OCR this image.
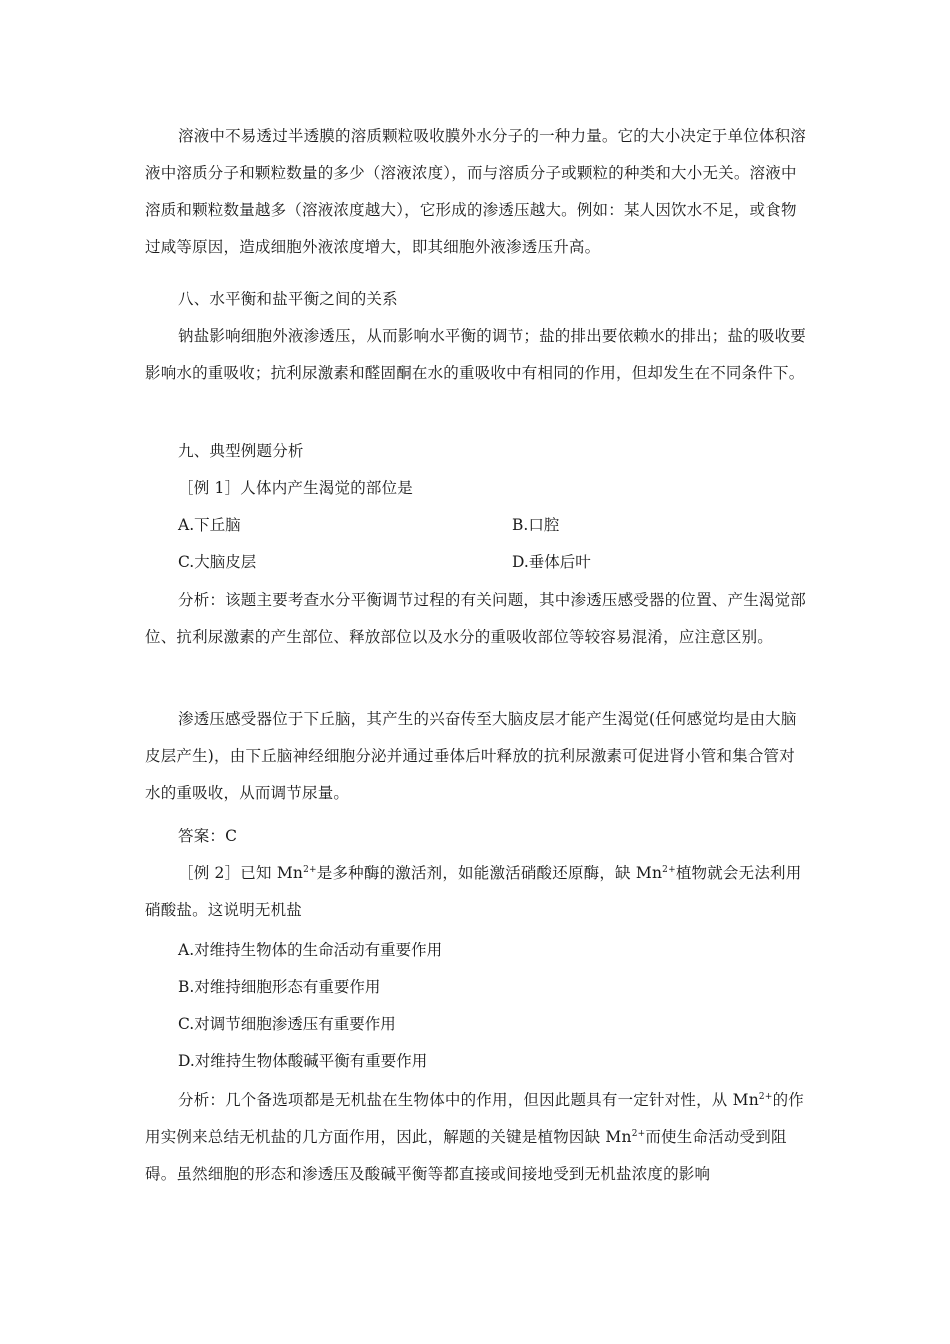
溶液中不易透过半透膜的溶质颗粒吸收膜外水分子的一种力量。它的大小决定于单位体积溶液中溶质分子和颗粒数量的多少（溶液浓度），而与溶质分子或颗粒的种类和大小无关。溶液中溶质和颗粒数量越多（溶液浓度越大），它形成的渗透压越大。例如：某人因饮水不足，或食物过咸等原因，造成细胞外液浓度增大，即其细胞外液渗透压升高。

八、水平衡和盐平衡之间的关系

钠盐影响细胞外液渗透压，从而影响水平衡的调节；盐的排出要依赖水的排出；盐的吸收要影响水的重吸收；抗利尿激素和醛固酮在水的重吸收中有相同的作用，但却发生在不同条件下。

九、典型例题分析

［例 1］人体内产生渴觉的部位是

A.下丘脑	B.口腔
C.大脑皮层	D.垂体后叶

分析：该题主要考查水分平衡调节过程的有关问题，其中渗透压感受器的位置、产生渴觉部位、抗利尿激素的产生部位、释放部位以及水分的重吸收部位等较容易混淆，应注意区别。

渗透压感受器位于下丘脑，其产生的兴奋传至大脑皮层才能产生渴觉(任何感觉均是由大脑皮层产生)，由下丘脑神经细胞分泌并通过垂体后叶释放的抗利尿激素可促进肾小管和集合管对水的重吸收，从而调节尿量。

答案：C

［例 2］已知 $Mn^{2+}$是多种酶的激活剂，如能激活硝酸还原酶，缺 $Mn^{2+}$植物就会无法利用硝酸盐。这说明无机盐

A.对维持生物体的生命活动有重要作用
B.对维持细胞形态有重要作用
C.对调节细胞渗透压有重要作用
D.对维持生物体酸碱平衡有重要作用

分析：几个备选项都是无机盐在生物体中的作用，但因此题具有一定针对性，从 $Mn^{2+}$的作用实例来总结无机盐的几方面作用，因此，解题的关键是植物因缺 $Mn^{2+}$而使生命活动受到阻碍。虽然细胞的形态和渗透压及酸碱平衡等都直接或间接地受到无机盐浓度的影响
